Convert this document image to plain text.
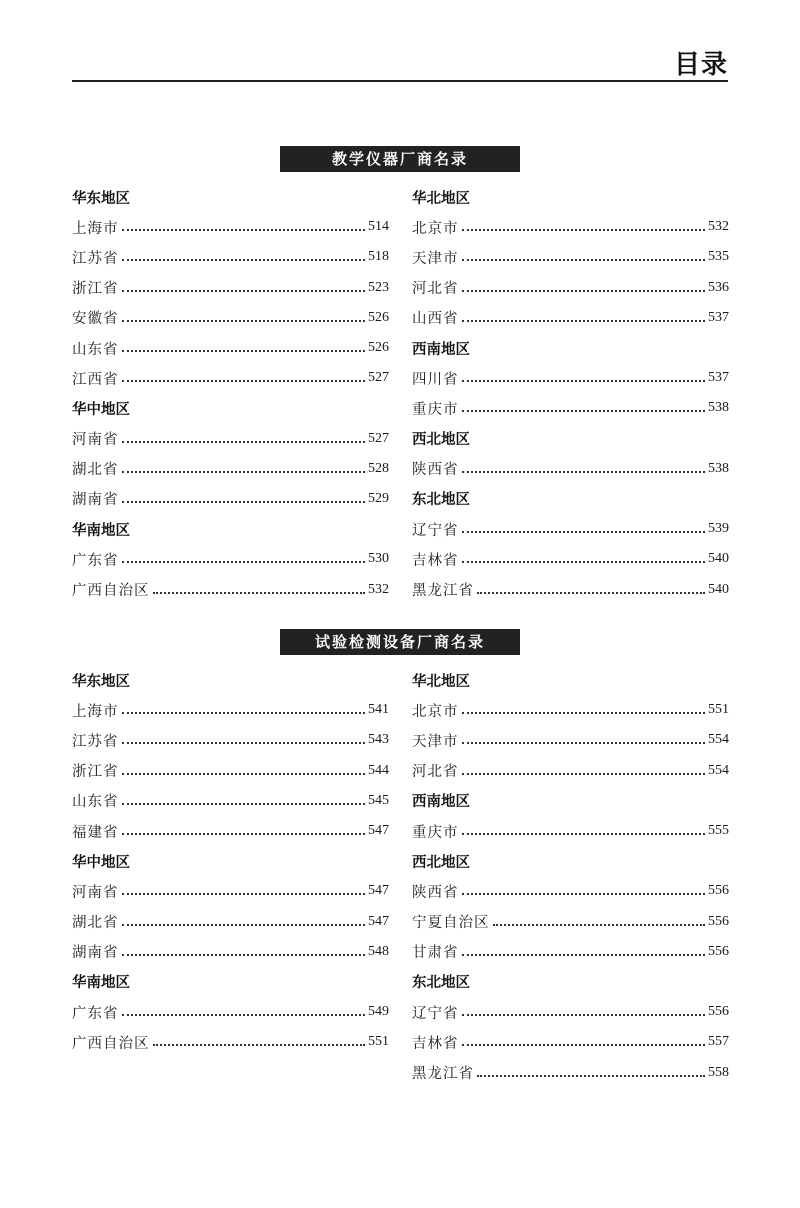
目录
教学仪器厂商名录
华东地区
上海市	514
江苏省	518
浙江省	523
安徽省	526
山东省	526
江西省	527
华中地区
河南省	527
湖北省	528
湖南省	529
华南地区
广东省	530
广西自治区	532
华北地区
北京市	532
天津市	535
河北省	536
山西省	537
西南地区
四川省	537
重庆市	538
西北地区
陕西省	538
东北地区
辽宁省	539
吉林省	540
黑龙江省	540
试验检测设备厂商名录
华东地区
上海市	541
江苏省	543
浙江省	544
山东省	545
福建省	547
华中地区
河南省	547
湖北省	547
湖南省	548
华南地区
广东省	549
广西自治区	551
华北地区
北京市	551
天津市	554
河北省	554
西南地区
重庆市	555
西北地区
陕西省	556
宁夏自治区	556
甘肃省	556
东北地区
辽宁省	556
吉林省	557
黑龙江省	558
